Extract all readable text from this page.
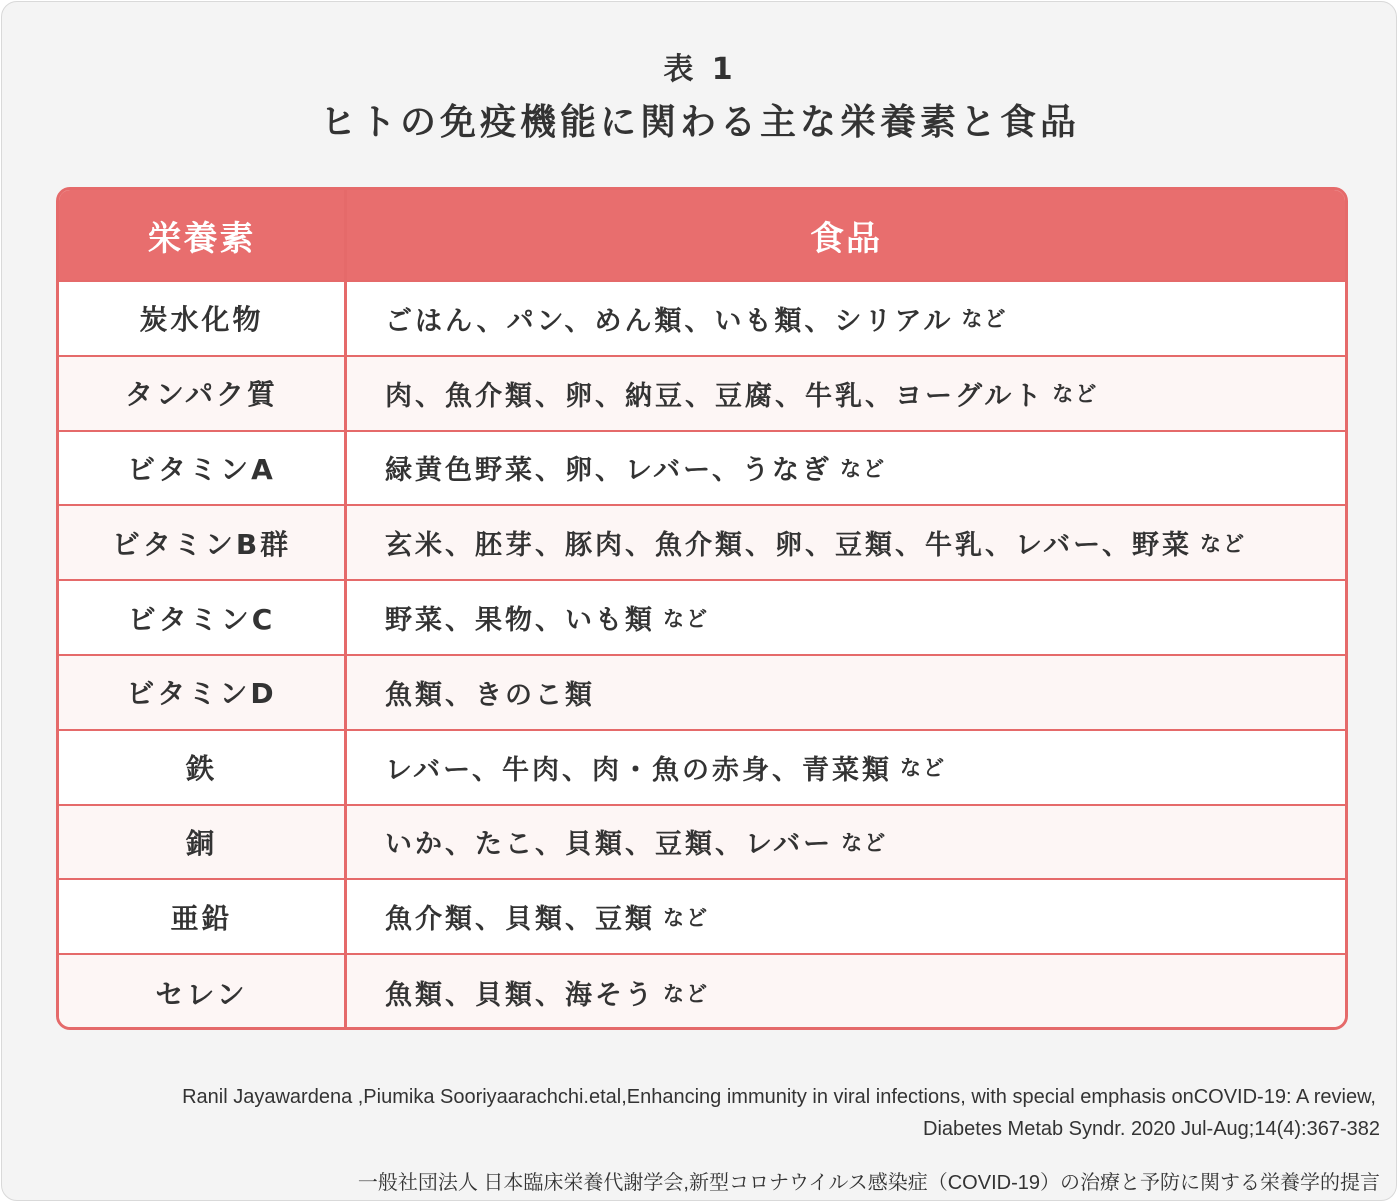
表 1
ヒトの免疫機能に関わる主な栄養素と食品
栄養素	食品
炭水化物	ごはん、パン、めん類、いも類、シリアル など
タンパク質	肉、魚介類、卵、納豆、豆腐、牛乳、ヨーグルト など
ビタミンA	緑黄色野菜、卵、レバー、うなぎ など
ビタミンB群	玄米、胚芽、豚肉、魚介類、卵、豆類、牛乳、レバー、野菜 など
ビタミンC	野菜、果物、いも類 など
ビタミンD	魚類、きのこ類
鉄	レバー、牛肉、肉・魚の赤身、青菜類 など
銅	いか、たこ、貝類、豆類、レバー など
亜鉛	魚介類、貝類、豆類 など
セレン	魚類、貝類、海そう など
Ranil Jayawardena ,Piumika Sooriyaarachchi.etal,Enhancing immunity in viral infections, with special emphasis onCOVID-19: A review,
Diabetes Metab Syndr. 2020 Jul-Aug;14(4):367-382
一般社団法人 日本臨床栄養代謝学会,新型コロナウイルス感染症（COVID-19）の治療と予防に関する栄養学的提言
